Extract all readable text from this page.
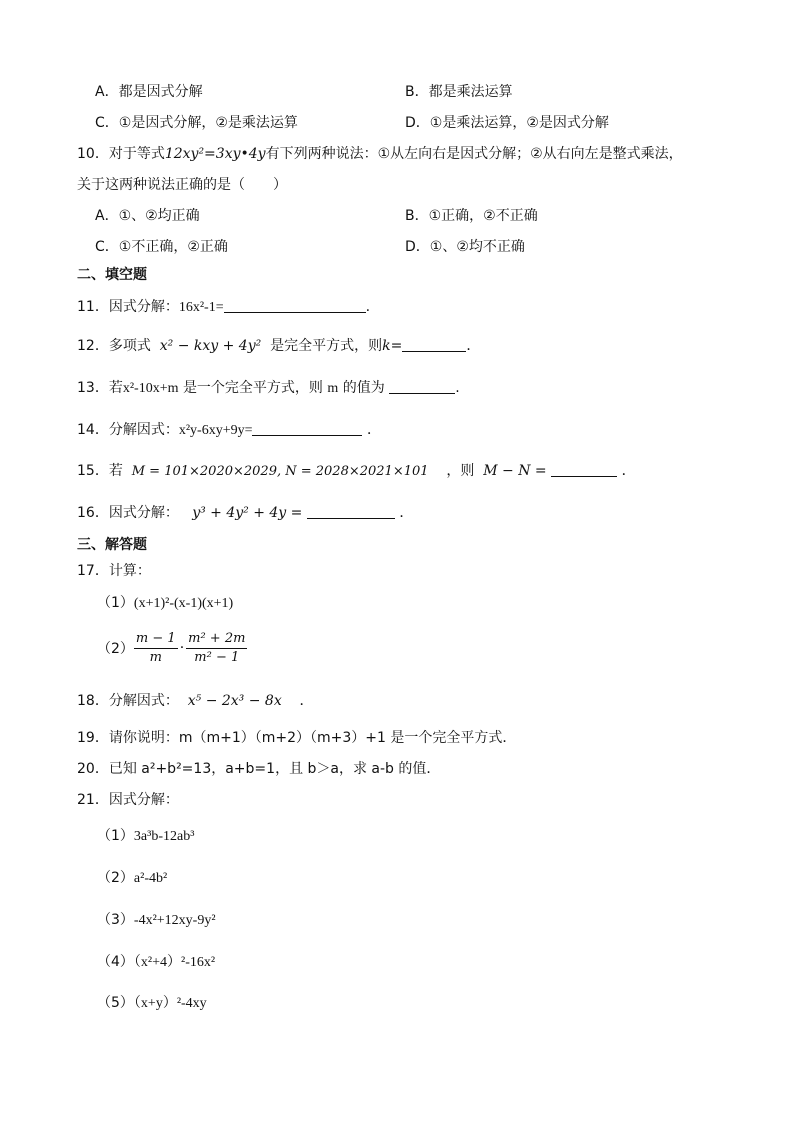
A．都是因式分解	B．都是乘法运算
C．①是因式分解，②是乘法运算	D．①是乘法运算，②是因式分解
10．对于等式12xy²=3xy•4y有下列两种说法：①从左向右是因式分解；②从右向左是整式乘法，
关于这两种说法正确的是（　　）
A．①、②均正确	B．①正确，②不正确
C．①不正确，②正确	D．①、②均不正确
二、填空题
11．因式分解：16x²-1=	.
12．多项式 x² − kxy + 4y² 是完全平方式，则k=	．
13．若x²-10x+m 是一个完全平方式，则 m 的值为	.
14．分解因式：x²y-6xy+9y=	．
15．若 M = 101×2020×2029, N = 2028×2021×101 ，则 M − N =	．
16．因式分解： y³ + 4y² + 4y =	．
三、解答题
17．计算：
（1）(x+1)²-(x-1)(x+1)
$(2) \frac{m - 1}{m} \cdot \frac{\text{m² + 2m}}{\text{m² − 1}}$
18．分解因式： x⁵ − 2x³ − 8x ．
19．请你说明：m（m+1）（m+2）（m+3）+1 是一个完全平方式．
20．已知 a²+b²=13，a+b=1，且 b＞a，求 a-b 的值．
21．因式分解：
（1）3a³b-12ab³
（2）a²-4b²
（3）-4x²+12xy-9y²
（4）（x²+4）²-16x²
（5）（x+y）²-4xy
